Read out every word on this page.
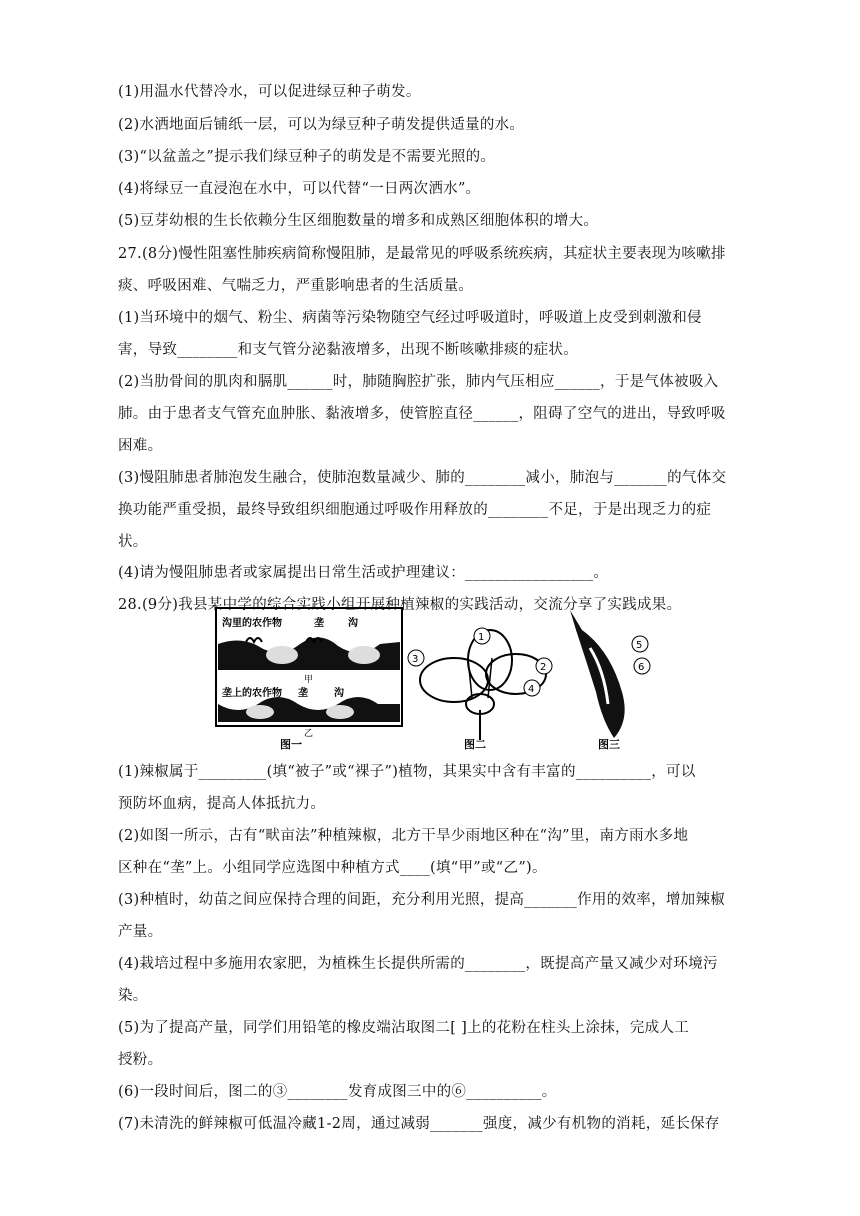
(1)用温水代替冷水，可以促进绿豆种子萌发。
(2)水洒地面后铺纸一层，可以为绿豆种子萌发提供适量的水。
(3)“以盆盖之”提示我们绿豆种子的萌发是不需要光照的。
(4)将绿豆一直浸泡在水中，可以代替“一日两次洒水”。
(5)豆芽幼根的生长依赖分生区细胞数量的增多和成熟区细胞体积的增大。
27.(8分)慢性阻塞性肺疾病简称慢阻肺，是最常见的呼吸系统疾病，其症状主要表现为咳嗽排
痰、呼吸困难、气喘乏力，严重影响患者的生活质量。
(1)当环境中的烟气、粉尘、病菌等污染物随空气经过呼吸道时，呼吸道上皮受到刺激和侵
害，导致________和支气管分泌黏液增多，出现不断咳嗽排痰的症状。
(2)当肋骨间的肌肉和膈肌______时，肺随胸腔扩张，肺内气压相应______，于是气体被吸入
肺。由于患者支气管充血肿胀、黏液增多，使管腔直径______，阻碍了空气的进出，导致呼吸
困难。
(3)慢阻肺患者肺泡发生融合，使肺泡数量减少、肺的________减小，肺泡与_______的气体交
换功能严重受损，最终导致组织细胞通过呼吸作用释放的________不足，于是出现乏力的症
状。
(4)请为慢阻肺患者或家属提出日常生活或护理建议：_________________。
28.(9分)我县某中学的综合实践小组开展种植辣椒的实践活动，交流分享了实践成果。
沟里的农作物	垄 沟
甲
垄上的农作物 垄	沟
乙
图一
1
3
2
4
图二
5
6
图三
(1)辣椒属于_________(填“被子”或“裸子”)植物，其果实中含有丰富的__________，可以
预防坏血病，提高人体抵抗力。
(2)如图一所示，古有“畎亩法”种植辣椒，北方干旱少雨地区种在“沟”里，南方雨水多地
区种在“垄”上。小组同学应选图中种植方式____(填“甲”或“乙”)。
(3)种植时，幼苗之间应保持合理的间距，充分利用光照，提高_______作用的效率，增加辣椒
产量。
(4)栽培过程中多施用农家肥，为植株生长提供所需的________，既提高产量又减少对环境污
染。
(5)为了提高产量，同学们用铅笔的橡皮端沾取图二[ ]上的花粉在柱头上涂抹，完成人工
授粉。
(6)一段时间后，图二的③________发育成图三中的⑥__________。
(7)未清洗的鲜辣椒可低温冷藏1-2周，通过减弱_______强度，减少有机物的消耗，延长保存
